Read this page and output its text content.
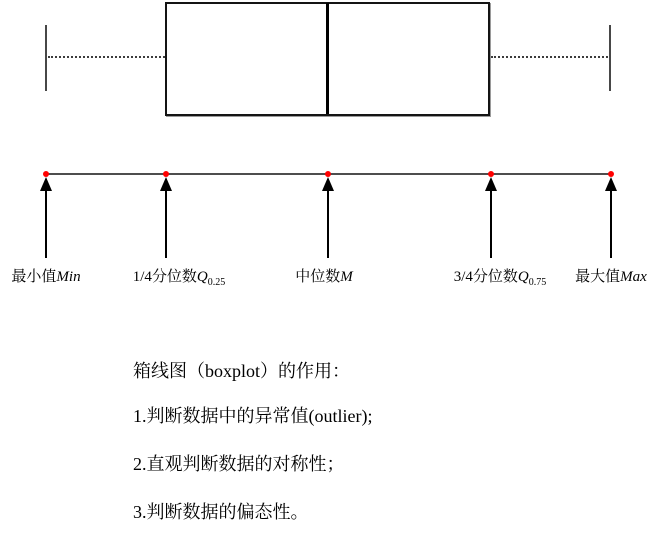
最小值Min	1/4分位数$Q_{0.25}$	中位数M	3/4分位数$Q_{0.75}$ 最大值Max
箱线图（boxplot）的作用：
1.判断数据中的异常值(outlier);
2.直观判断数据的对称性；
3.判断数据的偏态性。
